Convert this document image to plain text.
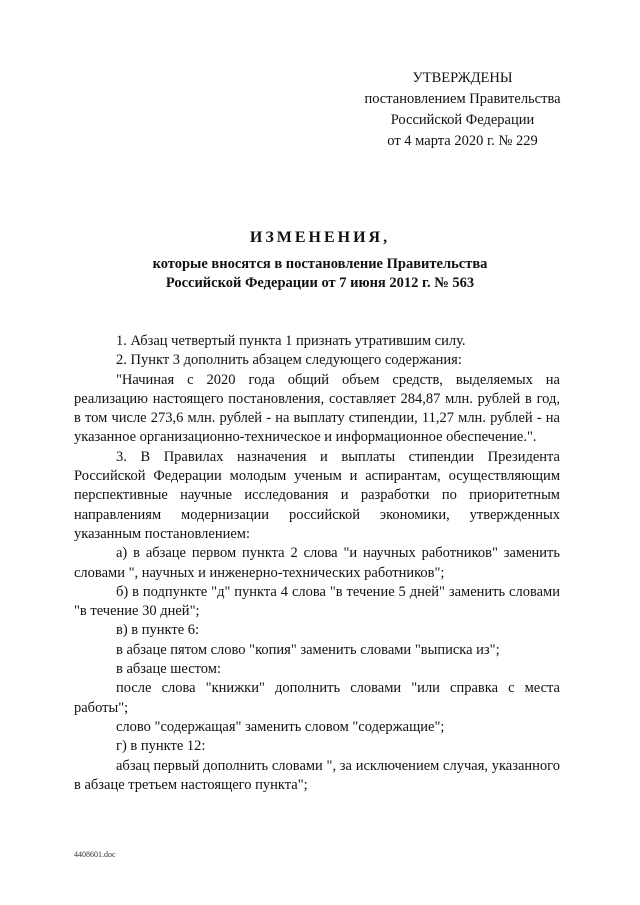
УТВЕРЖДЕНЫ
постановлением Правительства
Российской Федерации
от 4 марта 2020 г. № 229
ИЗМЕНЕНИЯ,
которые вносятся в постановление Правительства
Российской Федерации от 7 июня 2012 г. № 563

1. Абзац четвертый пункта 1 признать утратившим силу.

2. Пункт 3 дополнить абзацем следующего содержания:

"Начиная с 2020 года общий объем средств, выделяемых на реализацию настоящего постановления, составляет 284,87 млн. рублей в год, в том числе 273,6 млн. рублей - на выплату стипендии, 11,27 млн. рублей - на указанное организационно-техническое и информационное обеспечение.".

3. В Правилах назначения и выплаты стипендии Президента Российской Федерации молодым ученым и аспирантам, осуществляющим перспективные научные исследования и разработки по приоритетным направлениям модернизации российской экономики, утвержденных указанным постановлением:

а) в абзаце первом пункта 2 слова "и научных работников" заменить словами ", научных и инженерно-технических работников";

б) в подпункте "д" пункта 4 слова "в течение 5 дней" заменить словами "в течение 30 дней";

в) в пункте 6:

в абзаце пятом слово "копия" заменить словами "выписка из";

в абзаце шестом:

после слова "книжки" дополнить словами "или справка с места работы";

слово "содержащая" заменить словом "содержащие";

г) в пункте 12:

абзац первый дополнить словами ", за исключением случая, указанного в абзаце третьем настоящего пункта";

4408601.doc
